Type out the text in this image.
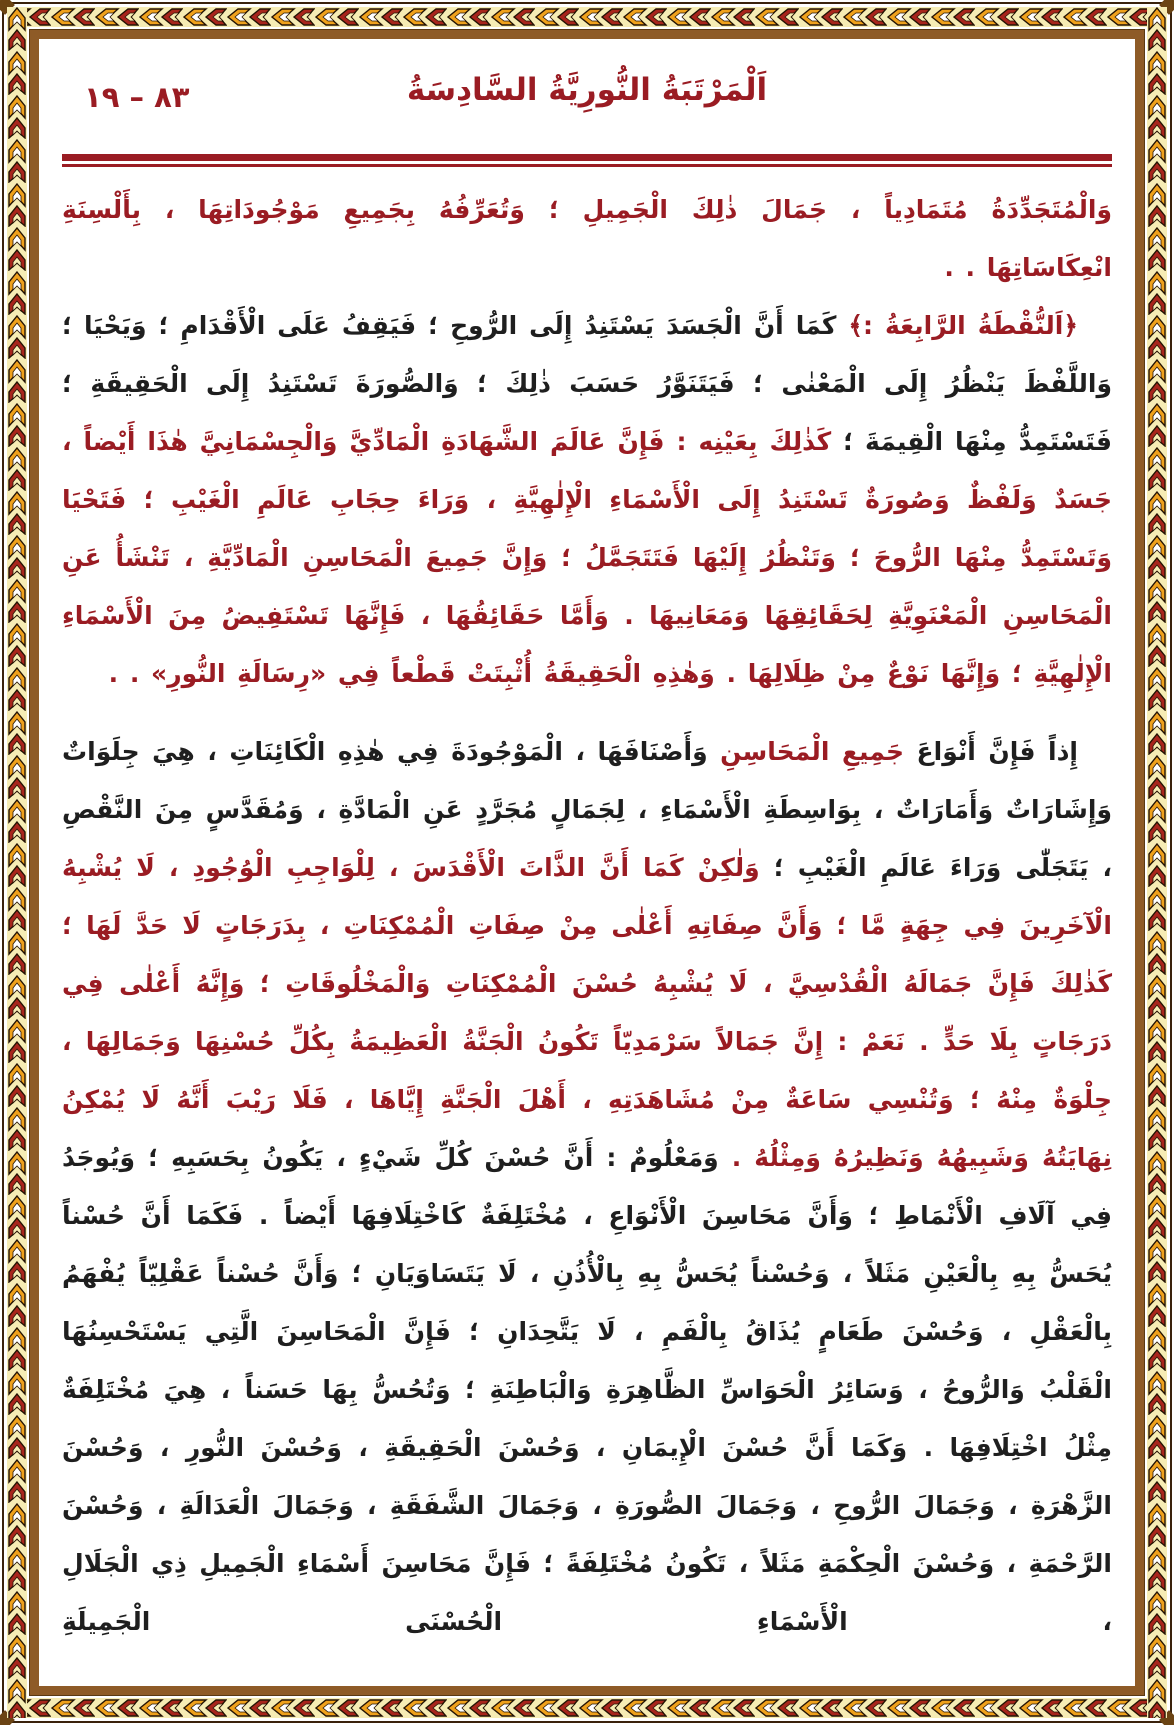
٨٣ – ١٩	اَلْمَرْتَبَةُ النُّورِيَّةُ السَّادِسَةُ

وَالْمُتَجَدِّدَةُ مُتَمَادِياً ، جَمَالَ ذٰلِكَ الْجَمِيلِ ؛ وَتُعَرِّفُهُ بِجَمِيعِ مَوْجُودَاتِهَا ، بِأَلْسِنَةِ انْعِكَاسَاتِهَا . .

﴿اَلنُّقْطَةُ الرَّابِعَةُ :﴾ كَمَا أَنَّ الْجَسَدَ يَسْتَنِدُ إِلَى الرُّوحِ ؛ فَيَقِفُ عَلَى الْأَقْدَامِ ؛ وَيَحْيَا ؛ وَاللَّفْظَ يَنْظُرُ إِلَى الْمَعْنٰى ؛ فَيَتَنَوَّرُ حَسَبَ ذٰلِكَ ؛ وَالصُّورَةَ تَسْتَنِدُ إِلَى الْحَقِيقَةِ ؛ فَتَسْتَمِدُّ مِنْهَا الْقِيمَةَ ؛ كَذٰلِكَ بِعَيْنِه : فَإِنَّ عَالَمَ الشَّهَادَةِ الْمَادِّيَّ وَالْجِسْمَانِيَّ هٰذَا أَيْضاً ، جَسَدٌ وَلَفْظٌ وَصُورَةٌ تَسْتَنِدُ إِلَى الْأَسْمَاءِ الْإِلٰهِيَّةِ ، وَرَاءَ حِجَابِ عَالَمِ الْغَيْبِ ؛ فَتَحْيَا وَتَسْتَمِدُّ مِنْهَا الرُّوحَ ؛ وَتَنْظُرُ إِلَيْهَا فَتَتَجَمَّلُ ؛ وَإِنَّ جَمِيعَ الْمَحَاسِنِ الْمَادِّيَّةِ ، تَنْشَأُ عَنِ الْمَحَاسِنِ الْمَعْنَوِيَّةِ لِحَقَائِقِهَا وَمَعَانِيهَا . وَأَمَّا حَقَائِقُهَا ، فَإِنَّهَا تَسْتَفِيضُ مِنَ الْأَسْمَاءِ الْإِلٰهِيَّةِ ؛ وَإِنَّهَا نَوْعٌ مِنْ ظِلَالِهَا . وَهٰذِهِ الْحَقِيقَةُ أُثْبِتَتْ قَطْعاً فِي «رِسَالَةِ النُّورِ» . .

إِذاً فَإِنَّ أَنْوَاعَ جَمِيعِ الْمَحَاسِنِ وَأَصْنَافَهَا ، الْمَوْجُودَةَ فِي هٰذِهِ الْكَائِنَاتِ ، هِيَ جِلَوَاتٌ وَإِشَارَاتٌ وَأَمَارَاتٌ ، بِوَاسِطَةِ الْأَسْمَاءِ ، لِجَمَالٍ مُجَرَّدٍ عَنِ الْمَادَّةِ ، وَمُقَدَّسٍ مِنَ النَّقْصِ ، يَتَجَلّٰى وَرَاءَ عَالَمِ الْغَيْبِ ؛ وَلٰكِنْ كَمَا أَنَّ الذَّاتَ الْأَقْدَسَ ، لِلْوَاجِبِ الْوُجُودِ ، لَا يُشْبِهُ الْآخَرِينَ فِي جِهَةٍ مَّا ؛ وَأَنَّ صِفَاتِهِ أَعْلٰى مِنْ صِفَاتِ الْمُمْكِنَاتِ ، بِدَرَجَاتٍ لَا حَدَّ لَهَا ؛ كَذٰلِكَ فَإِنَّ جَمَالَهُ الْقُدْسِيَّ ، لَا يُشْبِهُ حُسْنَ الْمُمْكِنَاتِ وَالْمَخْلُوقَاتِ ؛ وَإِنَّهُ أَعْلٰى فِي دَرَجَاتٍ بِلَا حَدٍّ . نَعَمْ : إِنَّ جَمَالاً سَرْمَدِيّاً تَكُونُ الْجَنَّةُ الْعَظِيمَةُ بِكُلِّ حُسْنِهَا وَجَمَالِهَا ، جِلْوَةٌ مِنْهُ ؛ وَتُنْسِي سَاعَةٌ مِنْ مُشَاهَدَتِهِ ، أَهْلَ الْجَنَّةِ إِيَّاهَا ، فَلَا رَيْبَ أَنَّهُ لَا يُمْكِنُ نِهَايَتُهُ وَشَبِيهُهُ وَنَظِيرُهُ وَمِثْلُهُ . وَمَعْلُومٌ : أَنَّ حُسْنَ كُلِّ شَيْءٍ ، يَكُونُ بِحَسَبِهِ ؛ وَيُوجَدُ فِي آلَافِ الْأَنْمَاطِ ؛ وَأَنَّ مَحَاسِنَ الْأَنْوَاعِ ، مُخْتَلِفَةٌ كَاخْتِلَافِهَا أَيْضاً . فَكَمَا أَنَّ حُسْناً يُحَسُّ بِهِ بِالْعَيْنِ مَثَلاً ، وَحُسْناً يُحَسُّ بِهِ بِالْأُذُنِ ، لَا يَتَسَاوَيَانِ ؛ وَأَنَّ حُسْناً عَقْلِيّاً يُفْهَمُ بِالْعَقْلِ ، وَحُسْنَ طَعَامٍ يُذَاقُ بِالْفَمِ ، لَا يَتَّحِدَانِ ؛ فَإِنَّ الْمَحَاسِنَ الَّتِي يَسْتَحْسِنُهَا الْقَلْبُ وَالرُّوحُ ، وَسَائِرُ الْحَوَاسِّ الظَّاهِرَةِ وَالْبَاطِنَةِ ؛ وَتُحُسُّ بِهَا حَسَناً ، هِيَ مُخْتَلِفَةٌ مِثْلُ اخْتِلَافِهَا . وَكَمَا أَنَّ حُسْنَ الْإِيمَانِ ، وَحُسْنَ الْحَقِيقَةِ ، وَحُسْنَ النُّورِ ، وَحُسْنَ الزَّهْرَةِ ، وَجَمَالَ الرُّوحِ ، وَجَمَالَ الصُّورَةِ ، وَجَمَالَ الشَّفَقَةِ ، وَجَمَالَ الْعَدَالَةِ ، وَحُسْنَ الرَّحْمَةِ ، وَحُسْنَ الْحِكْمَةِ مَثَلاً ، تَكُونُ مُخْتَلِفَةً ؛ فَإِنَّ مَحَاسِنَ أَسْمَاءِ الْجَمِيلِ ذِي الْجَلَالِ ، الْأَسْمَاءِ الْحُسْنَى الْجَمِيلَةِ
